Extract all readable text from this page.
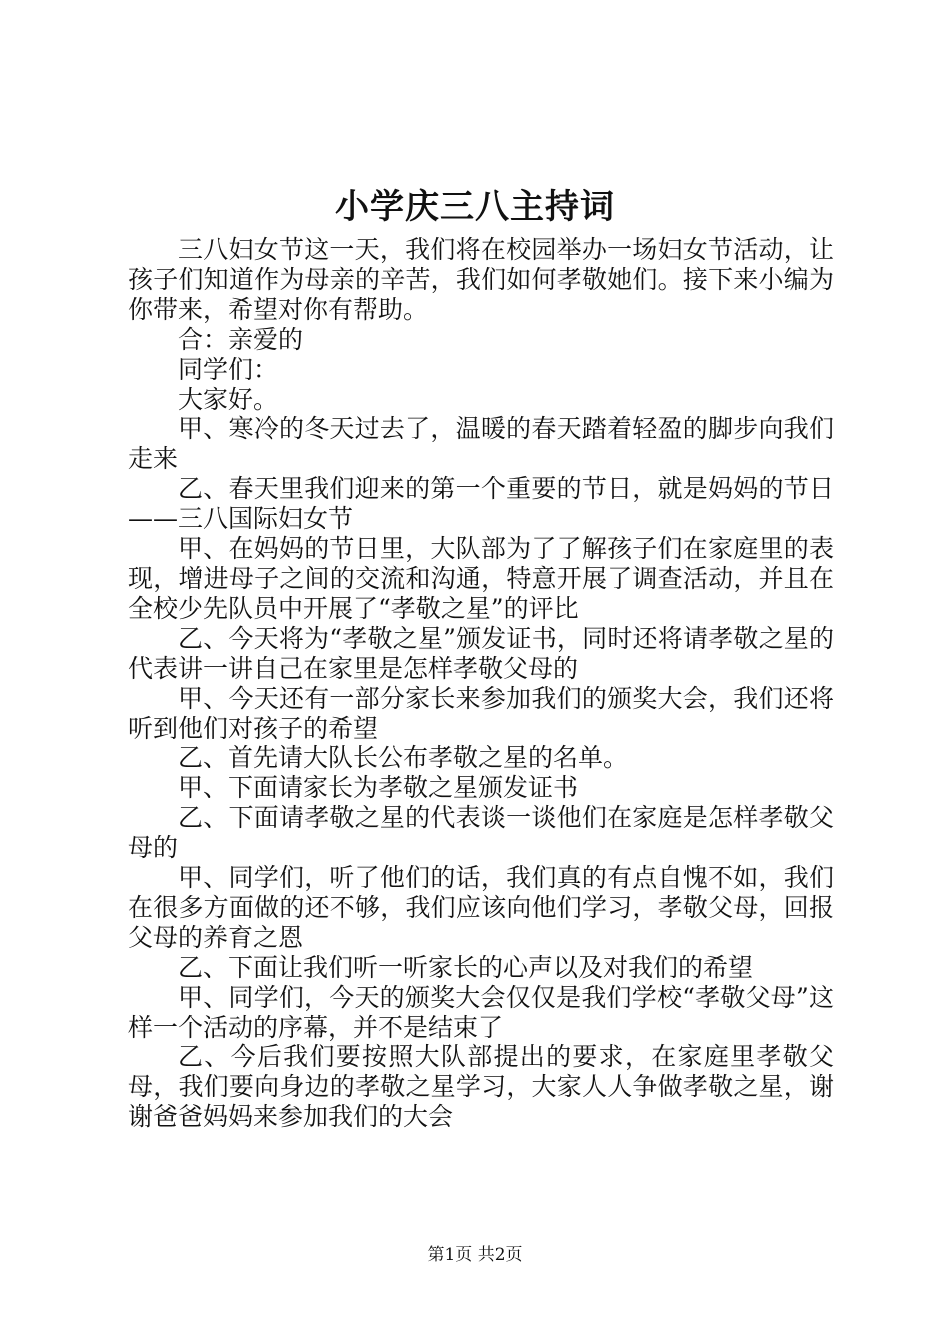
小学庆三八主持词

三八妇女节这一天，我们将在校园举办一场妇女节活动，让孩子们知道作为母亲的辛苦，我们如何孝敬她们。接下来小编为你带来，希望对你有帮助。

合：亲爱的

同学们：

大家好。

甲、寒冷的冬天过去了，温暖的春天踏着轻盈的脚步向我们走来

乙、春天里我们迎来的第一个重要的节日，就是妈妈的节日——三八国际妇女节

甲、在妈妈的节日里，大队部为了了解孩子们在家庭里的表现，增进母子之间的交流和沟通，特意开展了调查活动，并且在全校少先队员中开展了“孝敬之星”的评比

乙、今天将为“孝敬之星”颁发证书，同时还将请孝敬之星的代表讲一讲自己在家里是怎样孝敬父母的

甲、今天还有一部分家长来参加我们的颁奖大会，我们还将听到他们对孩子的希望

乙、首先请大队长公布孝敬之星的名单。

甲、下面请家长为孝敬之星颁发证书

乙、下面请孝敬之星的代表谈一谈他们在家庭是怎样孝敬父母的

甲、同学们，听了他们的话，我们真的有点自愧不如，我们在很多方面做的还不够，我们应该向他们学习，孝敬父母，回报父母的养育之恩

乙、下面让我们听一听家长的心声以及对我们的希望

甲、同学们，今天的颁奖大会仅仅是我们学校“孝敬父母”这样一个活动的序幕，并不是结束了

乙、今后我们要按照大队部提出的要求，在家庭里孝敬父母，我们要向身边的孝敬之星学习，大家人人争做孝敬之星，谢谢爸爸妈妈来参加我们的大会

第1页 共2页
